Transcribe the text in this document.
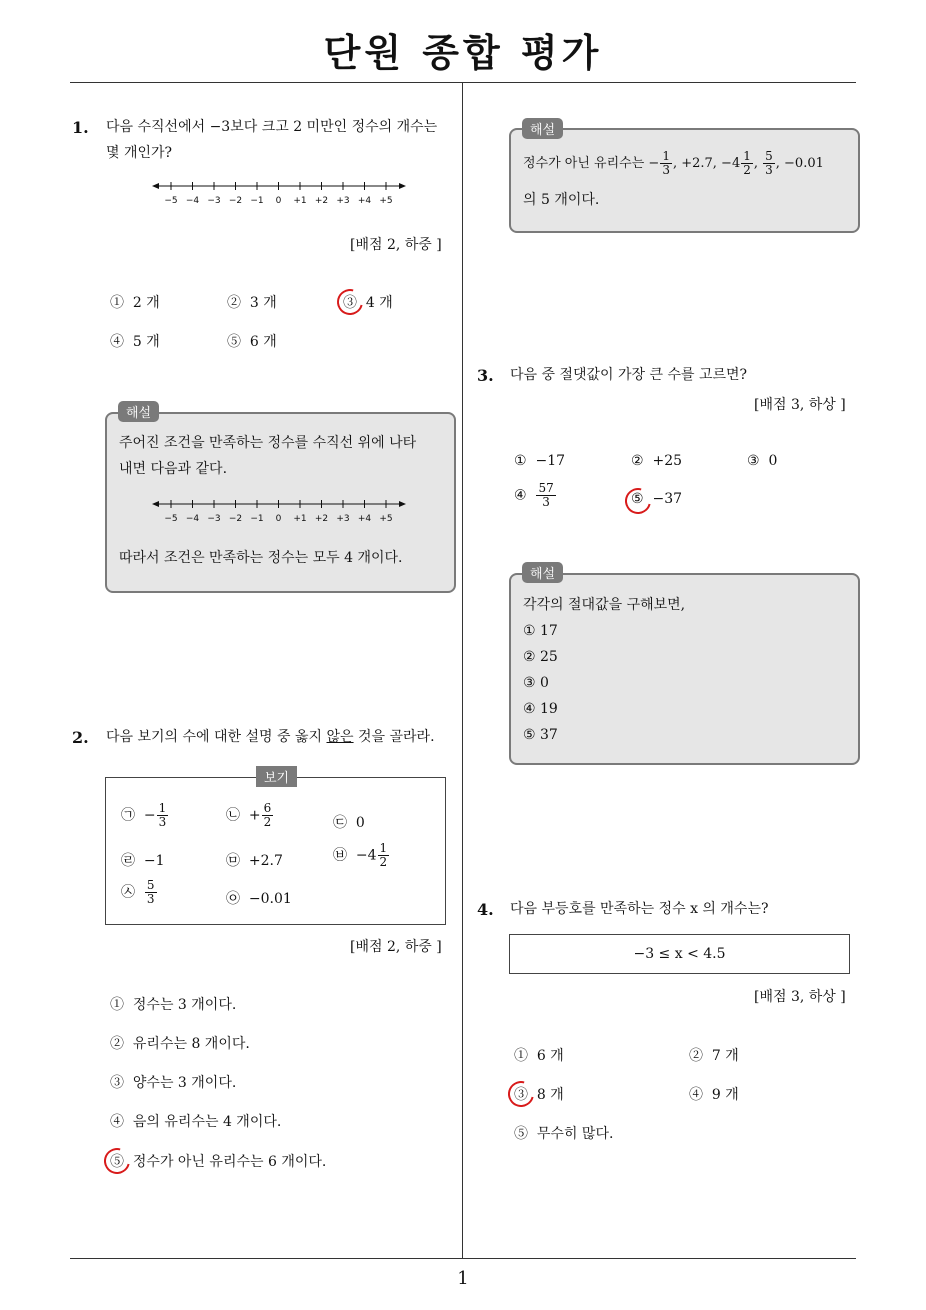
단원 종합 평가
1
1. 다음 수직선에서 −3보다 크고 2 미만인 정수의 개수는
몇 개인가?
−5 −4 −3 −2 −1 0 +1 +2 +3 +4 +5
[배점 2, 하중 ]
① 2 개	② 3 개	③ 4 개
④ 5 개	⑤ 6 개
해설
주어진 조건을 만족하는 정수를 수직선 위에 나타
내면 다음과 같다.
−5 −4 −3 −2 −1 0 +1 +2 +3 +4 +5
따라서 조건은 만족하는 정수는 모두 4 개이다.
2. 다음 보기의 수에 대한 설명 중 옳지 않은 것을 골라라.
보기
㉠ − $\frac{1}{3}$	㉡ + $\frac{6}{2}$	㉢ 0
㉣ −1	㉤ +2.7	㉥ $-4 \frac{1}{2}$
㉦ $\frac{5}{3}$	㉧ −0.01
[배점 2, 하중 ]
① 정수는 3 개이다.
② 유리수는 8 개이다.
③ 양수는 3 개이다.
④ 음의 유리수는 4 개이다.
⑤ 정수가 아닌 유리수는 6 개이다.
해설
정수가 아닌 유리수는 − $\frac{1}{3}$ , +2.7, $-4 \frac{1}{2}$ , $\frac{5}{3}$ , −0.01
의 5 개이다.
3. 다음 중 절댓값이 가장 큰 수를 고르면?
[배점 3, 하상 ]
① −17	② +25	③ 0
④ $\frac{57}{3}$	⑤ −37
해설
각각의 절대값을 구해보면,
① 17
② 25
③ 0
④ 19
⑤ 37
4. 다음 부등호를 만족하는 정수 x 의 개수는?
−3 ≤ x < 4.5
[배점 3, 하상 ]
① 6 개	② 7 개
③ 8 개	④ 9 개
⑤ 무수히 많다.
